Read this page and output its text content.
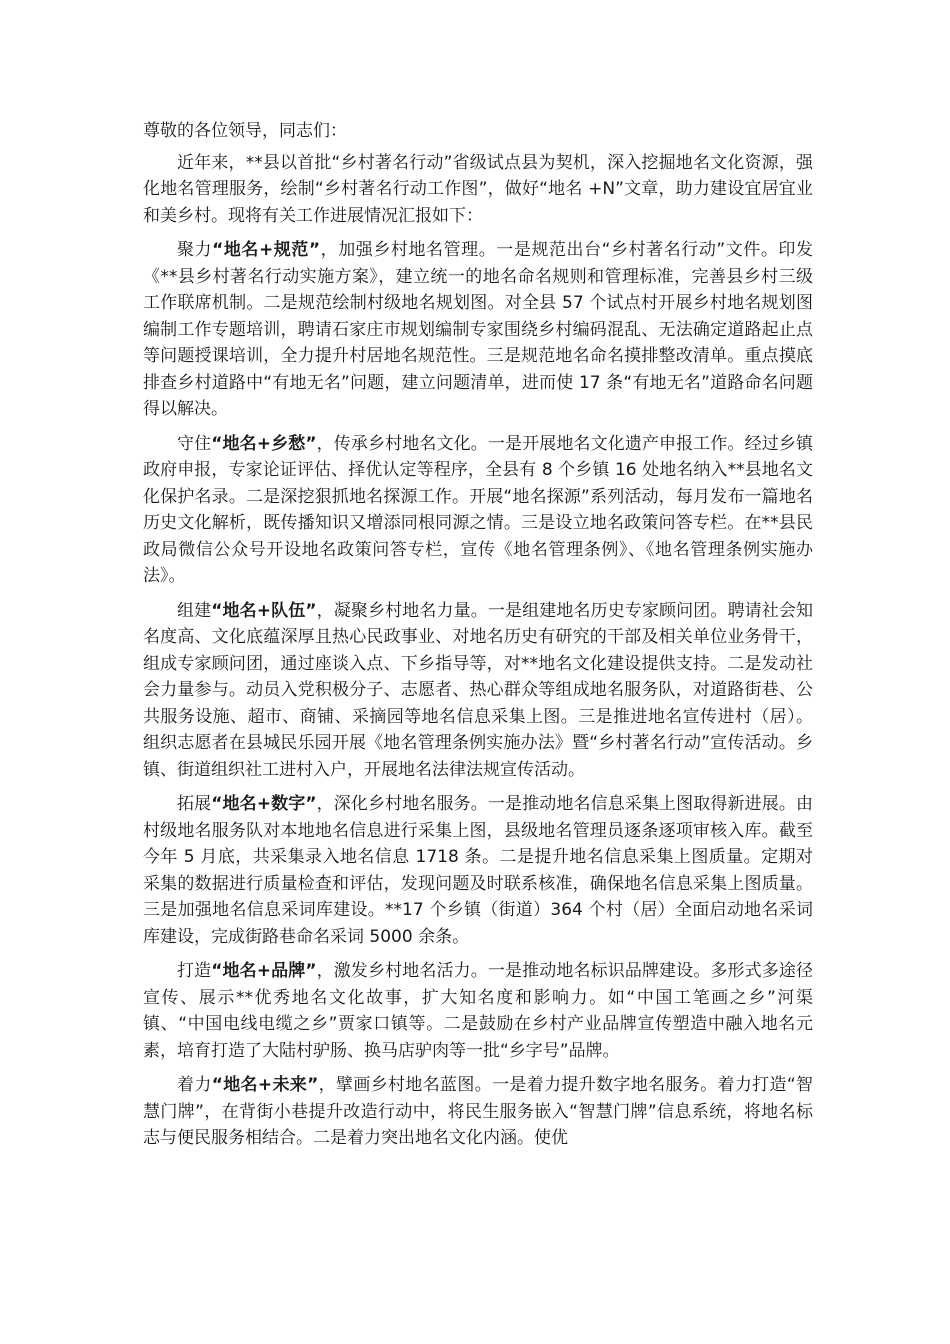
尊敬的各位领导，同志们：

近年来，**县以首批“乡村著名行动”省级试点县为契机，深入挖掘地名文化资源，强化地名管理服务，绘制“乡村著名行动工作图”，做好“地名 +N”文章，助力建设宜居宜业和美乡村。现将有关工作进展情况汇报如下：

聚力“地名+规范”，加强乡村地名管理。一是规范出台“乡村著名行动”文件。印发《**县乡村著名行动实施方案》，建立统一的地名命名规则和管理标准，完善县乡村三级工作联席机制。二是规范绘制村级地名规划图。对全县 57 个试点村开展乡村地名规划图编制工作专题培训，聘请石家庄市规划编制专家围绕乡村编码混乱、无法确定道路起止点等问题授课培训，全力提升村居地名规范性。三是规范地名命名摸排整改清单。重点摸底排查乡村道路中“有地无名”问题，建立问题清单，进而使 17 条“有地无名”道路命名问题得以解决。

守住“地名+乡愁”，传承乡村地名文化。一是开展地名文化遗产申报工作。经过乡镇政府申报，专家论证评估、择优认定等程序，全县有 8 个乡镇 16 处地名纳入**县地名文化保护名录。二是深挖狠抓地名探源工作。开展“地名探源”系列活动，每月发布一篇地名历史文化解析，既传播知识又增添同根同源之情。三是设立地名政策问答专栏。在**县民政局微信公众号开设地名政策问答专栏，宣传《地名管理条例》、《地名管理条例实施办法》。

组建“地名+队伍”，凝聚乡村地名力量。一是组建地名历史专家顾问团。聘请社会知名度高、文化底蕴深厚且热心民政事业、对地名历史有研究的干部及相关单位业务骨干，组成专家顾问团，通过座谈入点、下乡指导等，对**地名文化建设提供支持。二是发动社会力量参与。动员入党积极分子、志愿者、热心群众等组成地名服务队，对道路街巷、公共服务设施、超市、商铺、采摘园等地名信息采集上图。三是推进地名宣传进村（居）。组织志愿者在县城民乐园开展《地名管理条例实施办法》暨“乡村著名行动”宣传活动。乡镇、街道组织社工进村入户，开展地名法律法规宣传活动。

拓展“地名+数字”，深化乡村地名服务。一是推动地名信息采集上图取得新进展。由村级地名服务队对本地地名信息进行采集上图，县级地名管理员逐条逐项审核入库。截至今年 5 月底，共采集录入地名信息 1718 条。二是提升地名信息采集上图质量。定期对采集的数据进行质量检查和评估，发现问题及时联系核准，确保地名信息采集上图质量。三是加强地名信息采词库建设。**17 个乡镇（街道）364 个村（居）全面启动地名采词库建设，完成街路巷命名采词 5000 余条。

打造“地名+品牌”，激发乡村地名活力。一是推动地名标识品牌建设。多形式多途径宣传、展示**优秀地名文化故事，扩大知名度和影响力。如“中国工笔画之乡”河渠镇、“中国电线电缆之乡”贾家口镇等。二是鼓励在乡村产业品牌宣传塑造中融入地名元素，培育打造了大陆村驴肠、换马店驴肉等一批“乡字号”品牌。

着力“地名+未来”，擘画乡村地名蓝图。一是着力提升数字地名服务。着力打造“智慧门牌”，在背街小巷提升改造行动中，将民生服务嵌入“智慧门牌”信息系统，将地名标志与便民服务相结合。二是着力突出地名文化内涵。使优
